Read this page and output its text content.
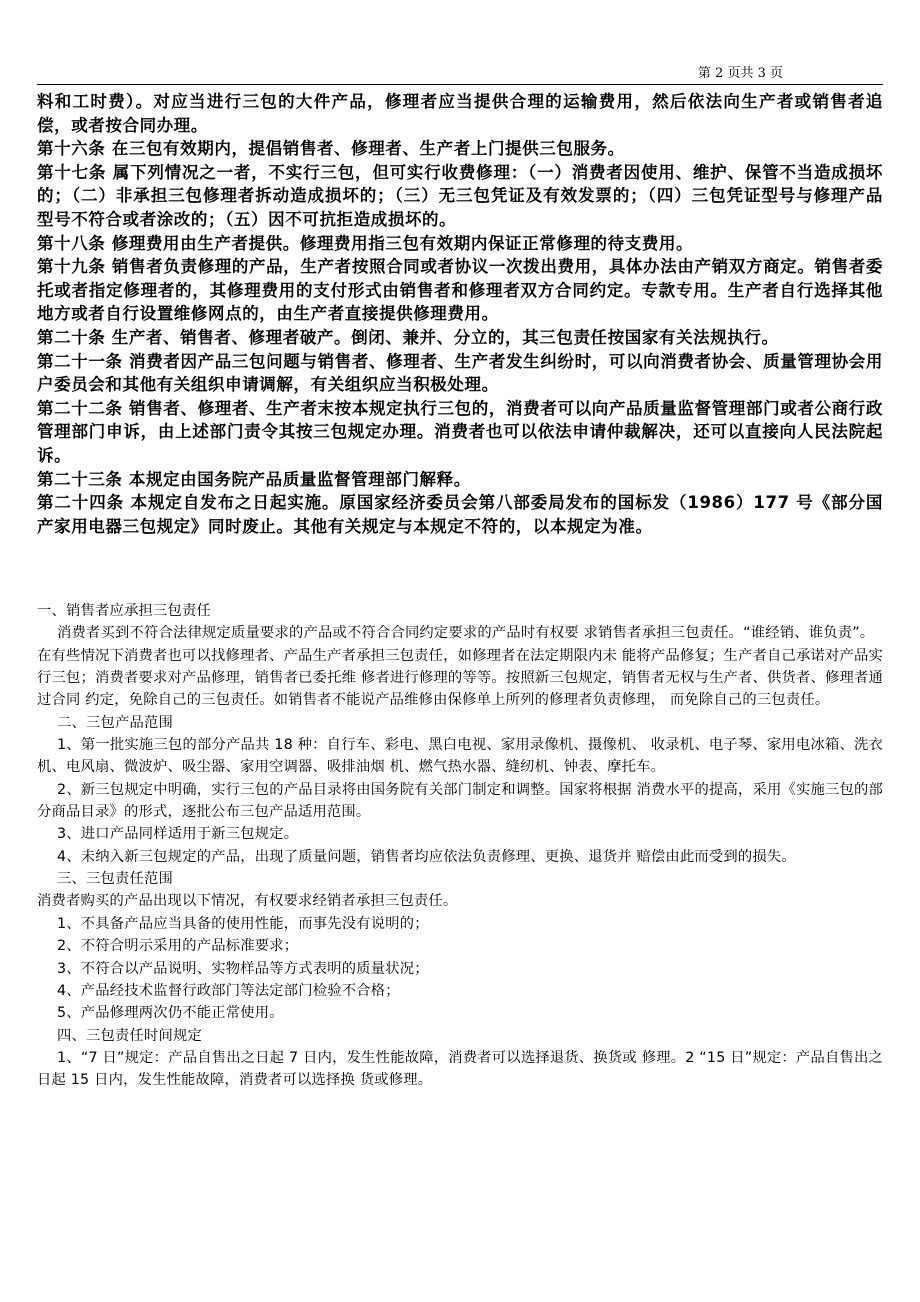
第 2 页共 3 页

料和工时费）。对应当进行三包的大件产品，修理者应当提供合理的运输费用，然后依法向生产者或销售者追偿，或者按合同办理。

第十六条 在三包有效期内，提倡销售者、修理者、生产者上门提供三包服务。

第十七条 属下列情况之一者，不实行三包，但可实行收费修理：（一）消费者因使用、维护、保管不当造成损坏的；（二）非承担三包修理者拆动造成损坏的；（三）无三包凭证及有效发票的；（四）三包凭证型号与修理产品型号不符合或者涂改的；（五）因不可抗拒造成损坏的。

第十八条 修理费用由生产者提供。修理费用指三包有效期内保证正常修理的待支费用。

第十九条 销售者负责修理的产品，生产者按照合同或者协议一次拨出费用，具体办法由产销双方商定。销售者委托或者指定修理者的，其修理费用的支付形式由销售者和修理者双方合同约定。专款专用。生产者自行选择其他地方或者自行设置维修网点的，由生产者直接提供修理费用。

第二十条 生产者、销售者、修理者破产。倒闭、兼并、分立的，其三包责任按国家有关法规执行。

第二十一条 消费者因产品三包问题与销售者、修理者、生产者发生纠纷时，可以向消费者协会、质量管理协会用户委员会和其他有关组织申请调解，有关组织应当积极处理。

第二十二条 销售者、修理者、生产者末按本规定执行三包的，消费者可以向产品质量监督管理部门或者公商行政管理部门申诉，由上述部门责令其按三包规定办理。消费者也可以依法申请仲裁解决，还可以直接向人民法院起诉。

第二十三条 本规定由国务院产品质量监督管理部门解释。

第二十四条 本规定自发布之日起实施。原国家经济委员会第八部委局发布的国标发（1986）177 号《部分国产家用电器三包规定》同时废止。其他有关规定与本规定不符的，以本规定为准。

一、销售者应承担三包责任

消费者买到不符合法律规定质量要求的产品或不符合合同约定要求的产品时有权要 求销售者承担三包责任。“谁经销、谁负责”。

在有些情况下消费者也可以找修理者、产品生产者承担三包责任，如修理者在法定期限内未 能将产品修复；生产者自己承诺对产品实行三包；消费者要求对产品修理，销售者已委托维 修者进行修理的等等。按照新三包规定，销售者无权与生产者、供货者、修理者通过合同 约定，免除自己的三包责任。如销售者不能说产品维修由保修单上所列的修理者负责修理， 而免除自己的三包责任。

二、三包产品范围

1、第一批实施三包的部分产品共 18 种：自行车、彩电、黑白电视、家用录像机、摄像机、 收录机、电子琴、家用电冰箱、洗衣机、电风扇、微波炉、吸尘器、家用空调器、吸排油烟 机、燃气热水器、缝纫机、钟表、摩托车。

2、新三包规定中明确，实行三包的产品目录将由国务院有关部门制定和调整。国家将根据 消费水平的提高，采用《实施三包的部分商品目录》的形式，逐批公布三包产品适用范围。

3、进口产品同样适用于新三包规定。

4、未纳入新三包规定的产品，出现了质量问题，销售者均应依法负责修理、更换、退货并 赔偿由此而受到的损失。

三、三包责任范围

消费者购买的产品出现以下情况，有权要求经销者承担三包责任。

1、不具备产品应当具备的使用性能，而事先没有说明的；

2、不符合明示采用的产品标准要求；

3、不符合以产品说明、实物样品等方式表明的质量状况；

4、产品经技术监督行政部门等法定部门检验不合格；

5、产品修理两次仍不能正常使用。

四、三包责任时间规定

1、“7 日”规定：产品自售出之日起 7 日内，发生性能故障，消费者可以选择退货、换货或 修理。2 “15 日”规定：产品自售出之日起 15 日内，发生性能故障，消费者可以选择换 货或修理。
